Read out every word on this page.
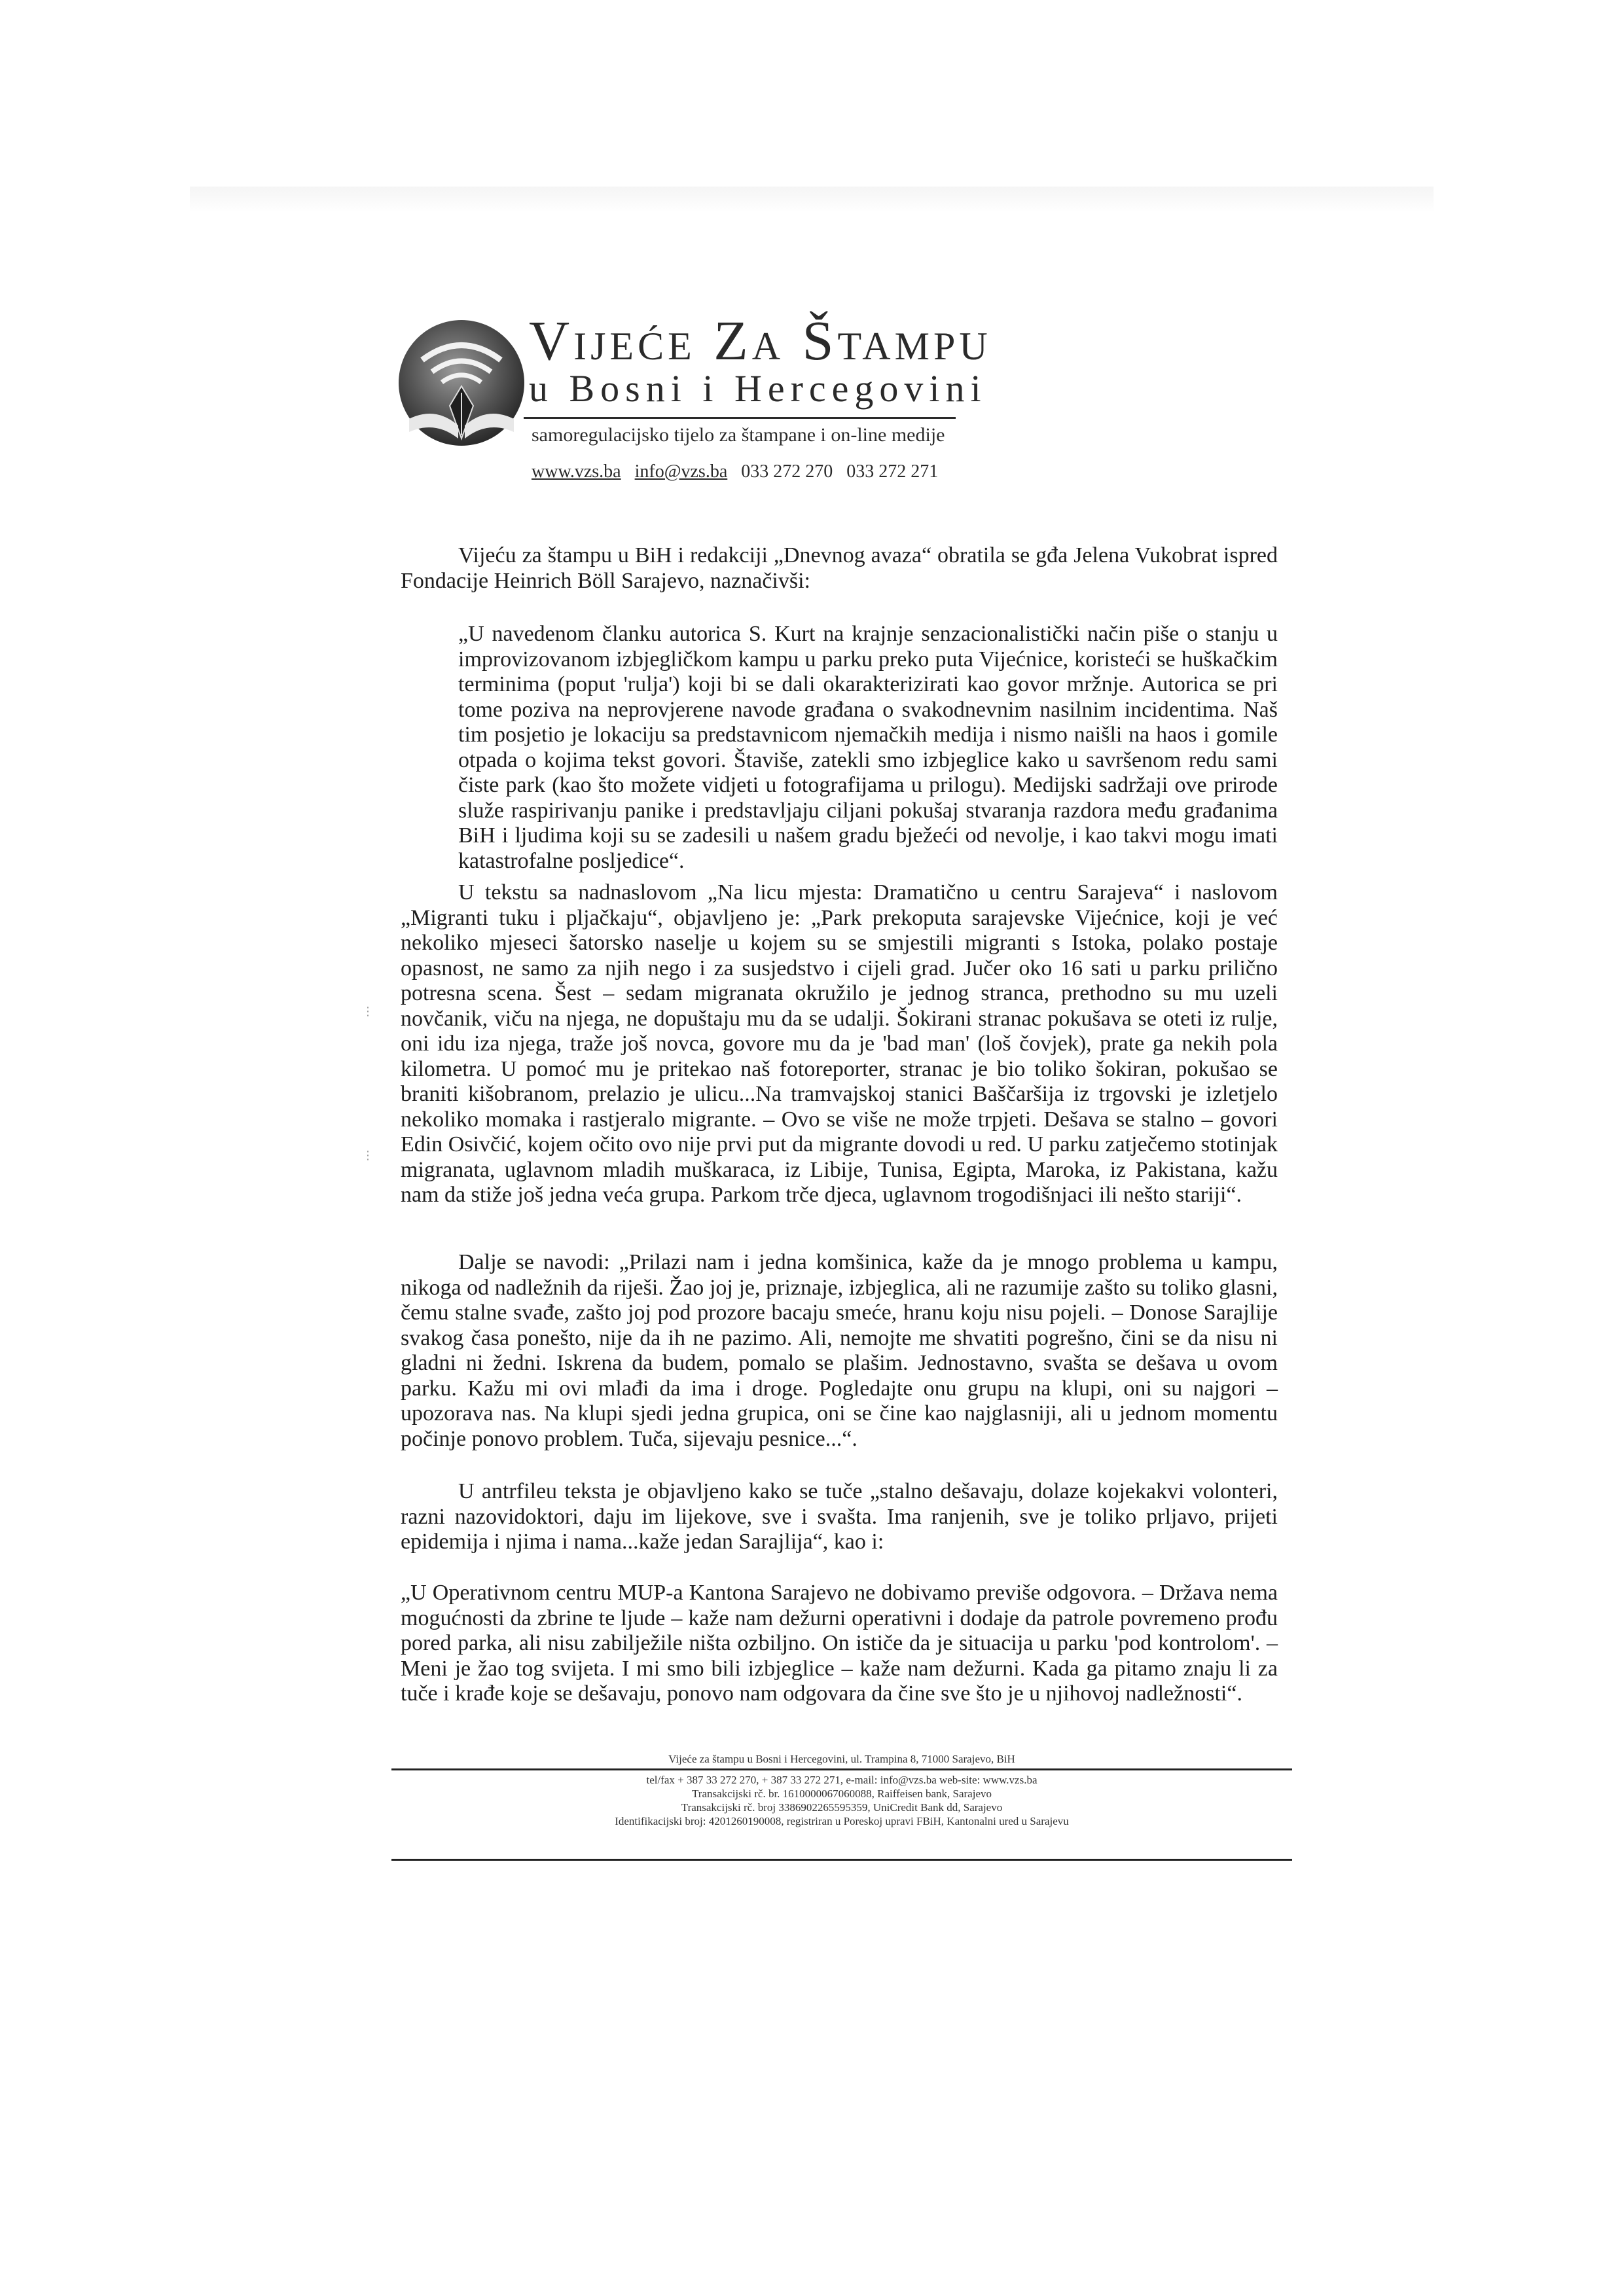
Vijeće Za Štampu
u Bosni i Hercegovini
samoregulacijsko tijelo za štampane i on-line medije
www.vzs.ba info@vzs.ba 033 272 270 033 272 271

Vijeću za štampu u BiH i redakciji „Dnevnog avaza“ obratila se gđa Jelena Vukobrat ispred Fondacije Heinrich Böll Sarajevo, naznačivši:

„U navedenom članku autorica S. Kurt na krajnje senzacionalistički način piše o stanju u improvizovanom izbjegličkom kampu u parku preko puta Vijećnice, koristeći se huškačkim terminima (poput 'rulja') koji bi se dali okarakterizirati kao govor mržnje. Autorica se pri tome poziva na neprovjerene navode građana o svakodnevnim nasilnim incidentima. Naš tim posjetio je lokaciju sa predstavnicom njemačkih medija i nismo naišli na haos i gomile otpada o kojima tekst govori. Štaviše, zatekli smo izbjeglice kako u savršenom redu sami čiste park (kao što možete vidjeti u fotografijama u prilogu). Medijski sadržaji ove prirode služe raspirivanju panike i predstavljaju ciljani pokušaj stvaranja razdora među građanima BiH i ljudima koji su se zadesili u našem gradu bježeći od nevolje, i kao takvi mogu imati katastrofalne posljedice“.

U tekstu sa nadnaslovom „Na licu mjesta: Dramatično u centru Sarajeva“ i naslovom „Migranti tuku i pljačkaju“, objavljeno je: „Park prekoputa sarajevske Vijećnice, koji je već nekoliko mjeseci šatorsko naselje u kojem su se smjestili migranti s Istoka, polako postaje opasnost, ne samo za njih nego i za susjedstvo i cijeli grad. Jučer oko 16 sati u parku prilično potresna scena. Šest – sedam migranata okružilo je jednog stranca, prethodno su mu uzeli novčanik, viču na njega, ne dopuštaju mu da se udalji. Šokirani stranac pokušava se oteti iz rulje, oni idu iza njega, traže još novca, govore mu da je 'bad man' (loš čovjek), prate ga nekih pola kilometra. U pomoć mu je pritekao naš fotoreporter, stranac je bio toliko šokiran, pokušao se braniti kišobranom, prelazio je ulicu...Na tramvajskoj stanici Baščaršija iz trgovski je izletjelo nekoliko momaka i rastjeralo migrante. – Ovo se više ne može trpjeti. Dešava se stalno – govori Edin Osivčić, kojem očito ovo nije prvi put da migrante dovodi u red. U parku zatječemo stotinjak migranata, uglavnom mladih muškaraca, iz Libije, Tunisa, Egipta, Maroka, iz Pakistana, kažu nam da stiže još jedna veća grupa. Parkom trče djeca, uglavnom trogodišnjaci ili nešto stariji“.

Dalje se navodi: „Prilazi nam i jedna komšinica, kaže da je mnogo problema u kampu, nikoga od nadležnih da riješi. Žao joj je, priznaje, izbjeglica, ali ne razumije zašto su toliko glasni, čemu stalne svađe, zašto joj pod prozore bacaju smeće, hranu koju nisu pojeli. – Donose Sarajlije svakog časa ponešto, nije da ih ne pazimo. Ali, nemojte me shvatiti pogrešno, čini se da nisu ni gladni ni žedni. Iskrena da budem, pomalo se plašim. Jednostavno, svašta se dešava u ovom parku. Kažu mi ovi mlađi da ima i droge. Pogledajte onu grupu na klupi, oni su najgori – upozorava nas. Na klupi sjedi jedna grupica, oni se čine kao najglasniji, ali u jednom momentu počinje ponovo problem. Tuča, sijevaju pesnice...“.

U antrfileu teksta je objavljeno kako se tuče „stalno dešavaju, dolaze kojekakvi volonteri, razni nazovidoktori, daju im lijekove, sve i svašta. Ima ranjenih, sve je toliko prljavo, prijeti epidemija i njima i nama...kaže jedan Sarajlija“, kao i:

„U Operativnom centru MUP-a Kantona Sarajevo ne dobivamo previše odgovora. – Država nema mogućnosti da zbrine te ljude – kaže nam dežurni operativni i dodaje da patrole povremeno prođu pored parka, ali nisu zabilježile ništa ozbiljno. On ističe da je situacija u parku 'pod kontrolom'. – Meni je žao tog svijeta. I mi smo bili izbjeglice – kaže nam dežurni. Kada ga pitamo znaju li za tuče i krađe koje se dešavaju, ponovo nam odgovara da čine sve što je u njihovoj nadležnosti“.

⋮
⋮
Vijeće za štampu u Bosni i Hercegovini, ul. Trampina 8, 71000 Sarajevo, BiH
tel/fax + 387 33 272 270, + 387 33 272 271, e-mail: info@vzs.ba web-site: www.vzs.ba
Transakcijski rč. br. 1610000067060088, Raiffeisen bank, Sarajevo
Transakcijski rč. broj 3386902265595359, UniCredit Bank dd, Sarajevo
Identifikacijski broj: 4201260190008, registriran u Poreskoj upravi FBiH, Kantonalni ured u Sarajevu
